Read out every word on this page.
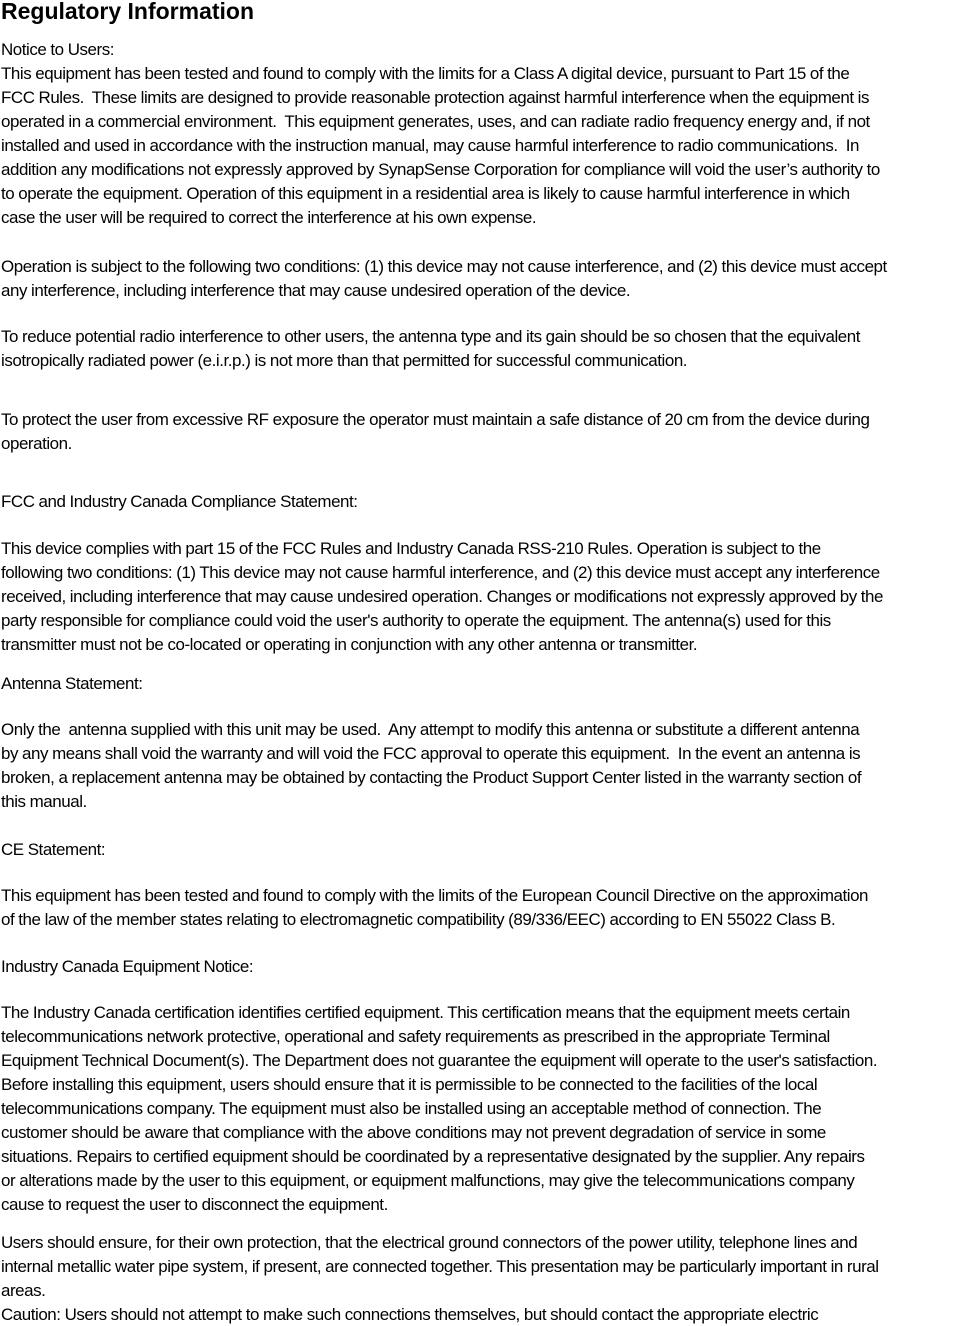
Regulatory Information
Notice to Users:
This equipment has been tested and found to comply with the limits for a Class A digital device, pursuant to Part 15 of the
FCC Rules.  These limits are designed to provide reasonable protection against harmful interference when the equipment is
operated in a commercial environment.  This equipment generates, uses, and can radiate radio frequency energy and, if not
installed and used in accordance with the instruction manual, may cause harmful interference to radio communications.  In
addition any modifications not expressly approved by SynapSense Corporation for compliance will void the user’s authority to
to operate the equipment. Operation of this equipment in a residential area is likely to cause harmful interference in which
case the user will be required to correct the interference at his own expense.
Operation is subject to the following two conditions: (1) this device may not cause interference, and (2) this device must accept
any interference, including interference that may cause undesired operation of the device.
To reduce potential radio interference to other users, the antenna type and its gain should be so chosen that the equivalent
isotropically radiated power (e.i.r.p.) is not more than that permitted for successful communication.
To protect the user from excessive RF exposure the operator must maintain a safe distance of 20 cm from the device during
operation.
FCC and Industry Canada Compliance Statement:
This device complies with part 15 of the FCC Rules and Industry Canada RSS-210 Rules. Operation is subject to the
following two conditions: (1) This device may not cause harmful interference, and (2) this device must accept any interference
received, including interference that may cause undesired operation. Changes or modifications not expressly approved by the
party responsible for compliance could void the user's authority to operate the equipment. The antenna(s) used for this
transmitter must not be co-located or operating in conjunction with any other antenna or transmitter.
Antenna Statement:
Only the  antenna supplied with this unit may be used.  Any attempt to modify this antenna or substitute a different antenna
by any means shall void the warranty and will void the FCC approval to operate this equipment.  In the event an antenna is
broken, a replacement antenna may be obtained by contacting the Product Support Center listed in the warranty section of
this manual.
CE Statement:
This equipment has been tested and found to comply with the limits of the European Council Directive on the approximation
of the law of the member states relating to electromagnetic compatibility (89/336/EEC) according to EN 55022 Class B.
Industry Canada Equipment Notice:
The Industry Canada certification identifies certified equipment. This certification means that the equipment meets certain
telecommunications network protective, operational and safety requirements as prescribed in the appropriate Terminal
Equipment Technical Document(s). The Department does not guarantee the equipment will operate to the user's satisfaction.
Before installing this equipment, users should ensure that it is permissible to be connected to the facilities of the local
telecommunications company. The equipment must also be installed using an acceptable method of connection. The
customer should be aware that compliance with the above conditions may not prevent degradation of service in some
situations. Repairs to certified equipment should be coordinated by a representative designated by the supplier. Any repairs
or alterations made by the user to this equipment, or equipment malfunctions, may give the telecommunications company
cause to request the user to disconnect the equipment.
Users should ensure, for their own protection, that the electrical ground connectors of the power utility, telephone lines and
internal metallic water pipe system, if present, are connected together. This presentation may be particularly important in rural
areas.
Caution: Users should not attempt to make such connections themselves, but should contact the appropriate electric
